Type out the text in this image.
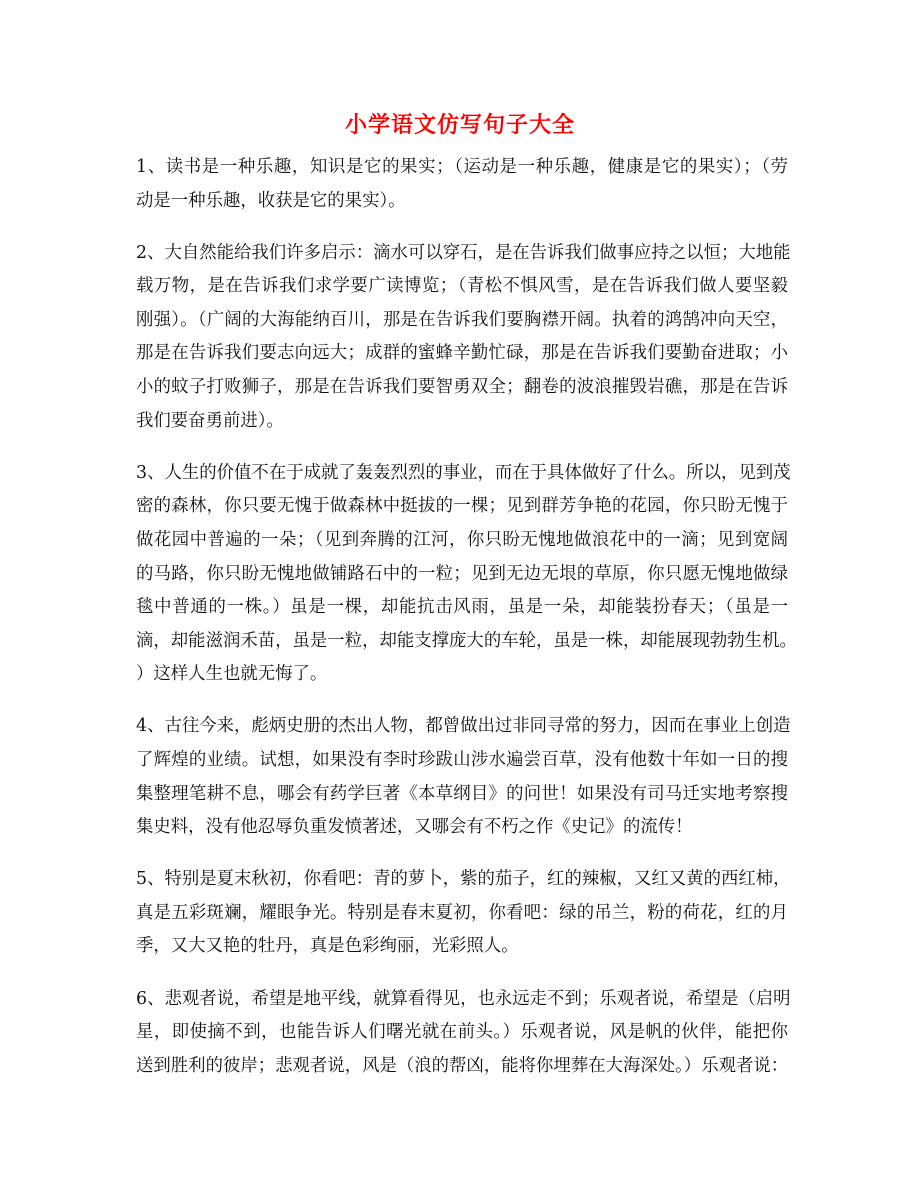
小学语文仿写句子大全
1、读书是一种乐趣，知识是它的果实；（运动是一种乐趣，健康是它的果实）；（劳
动是一种乐趣，收获是它的果实）。
2、大自然能给我们许多启示：滴水可以穿石，是在告诉我们做事应持之以恒；大地能
载万物，是在告诉我们求学要广读博览；（青松不惧风雪，是在告诉我们做人要坚毅
刚强）。（广阔的大海能纳百川，那是在告诉我们要胸襟开阔。执着的鸿鹄冲向天空，
那是在告诉我们要志向远大；成群的蜜蜂辛勤忙碌，那是在告诉我们要勤奋进取；小
小的蚊子打败狮子，那是在告诉我们要智勇双全；翻卷的波浪摧毁岩礁，那是在告诉
我们要奋勇前进）。
3、人生的价值不在于成就了轰轰烈烈的事业，而在于具体做好了什么。所以，见到茂
密的森林，你只要无愧于做森林中挺拔的一棵；见到群芳争艳的花园，你只盼无愧于
做花园中普遍的一朵；（见到奔腾的江河，你只盼无愧地做浪花中的一滴；见到宽阔
的马路，你只盼无愧地做铺路石中的一粒；见到无边无垠的草原，你只愿无愧地做绿
毯中普通的一株。）虽是一棵，却能抗击风雨，虽是一朵，却能装扮春天；（虽是一
滴，却能滋润禾苗，虽是一粒，却能支撑庞大的车轮，虽是一株，却能展现勃勃生机。
）这样人生也就无悔了。
4、古往今来，彪炳史册的杰出人物，都曾做出过非同寻常的努力，因而在事业上创造
了辉煌的业绩。试想，如果没有李时珍跋山涉水遍尝百草，没有他数十年如一日的搜
集整理笔耕不息，哪会有药学巨著《本草纲目》的问世！如果没有司马迁实地考察搜
集史料，没有他忍辱负重发愤著述，又哪会有不朽之作《史记》的流传！
5、特别是夏末秋初，你看吧：青的萝卜，紫的茄子，红的辣椒，又红又黄的西红柿，
真是五彩斑斓，耀眼争光。特别是春末夏初，你看吧：绿的吊兰，粉的荷花，红的月
季，又大又艳的牡丹，真是色彩绚丽，光彩照人。
6、悲观者说，希望是地平线，就算看得见，也永远走不到；乐观者说，希望是（启明
星，即使摘不到，也能告诉人们曙光就在前头。）乐观者说，风是帆的伙伴，能把你
送到胜利的彼岸；悲观者说，风是（浪的帮凶，能将你埋葬在大海深处。）乐观者说：
